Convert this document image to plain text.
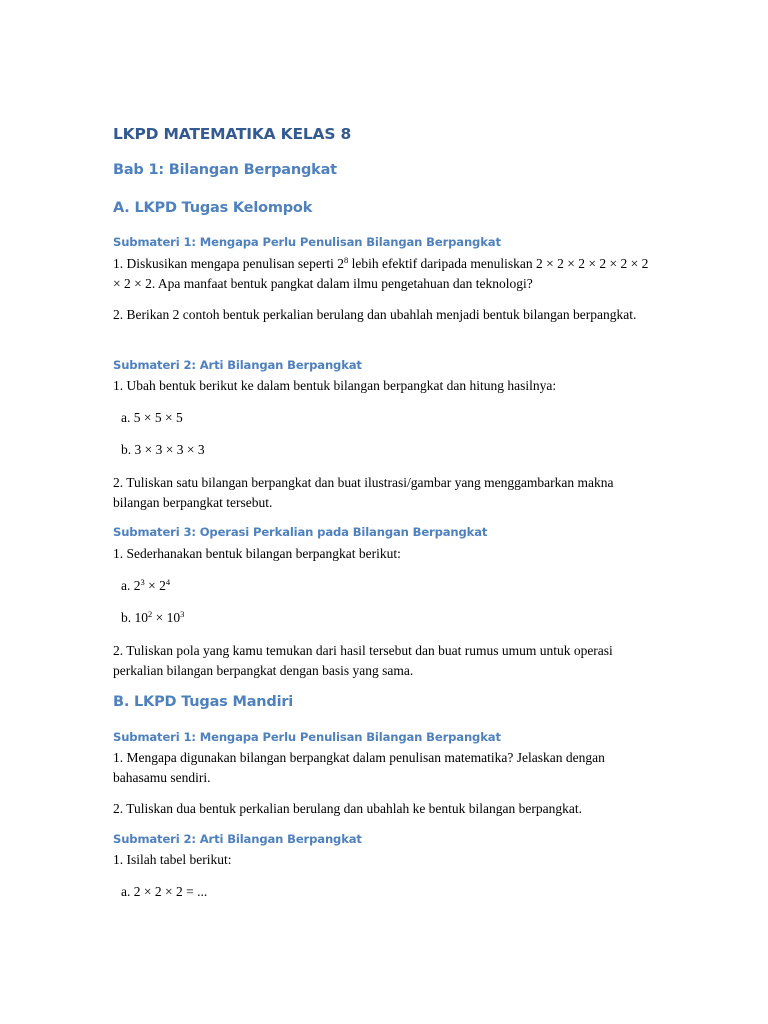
LKPD MATEMATIKA KELAS 8
Bab 1: Bilangan Berpangkat
A. LKPD Tugas Kelompok
Submateri 1: Mengapa Perlu Penulisan Bilangan Berpangkat

1. Diskusikan mengapa penulisan seperti $2^8$ lebih efektif daripada menuliskan 2 × 2 × 2 × 2 × 2 × 2 × 2 × 2. Apa manfaat bentuk pangkat dalam ilmu pengetahuan dan teknologi?

2. Berikan 2 contoh bentuk perkalian berulang dan ubahlah menjadi bentuk bilangan berpangkat.

Submateri 2: Arti Bilangan Berpangkat

1. Ubah bentuk berikut ke dalam bentuk bilangan berpangkat dan hitung hasilnya:

a. 5 × 5 × 5

b. 3 × 3 × 3 × 3

2. Tuliskan satu bilangan berpangkat dan buat ilustrasi/gambar yang menggambarkan makna bilangan berpangkat tersebut.

Submateri 3: Operasi Perkalian pada Bilangan Berpangkat

1. Sederhanakan bentuk bilangan berpangkat berikut:

a. $2^3 \times 2^4$

b. $10^2 \times 10^3$

2. Tuliskan pola yang kamu temukan dari hasil tersebut dan buat rumus umum untuk operasi perkalian bilangan berpangkat dengan basis yang sama.

B. LKPD Tugas Mandiri
Submateri 1: Mengapa Perlu Penulisan Bilangan Berpangkat

1. Mengapa digunakan bilangan berpangkat dalam penulisan matematika? Jelaskan dengan bahasamu sendiri.

2. Tuliskan dua bentuk perkalian berulang dan ubahlah ke bentuk bilangan berpangkat.

Submateri 2: Arti Bilangan Berpangkat

1. Isilah tabel berikut:

a. 2 × 2 × 2 = ...
